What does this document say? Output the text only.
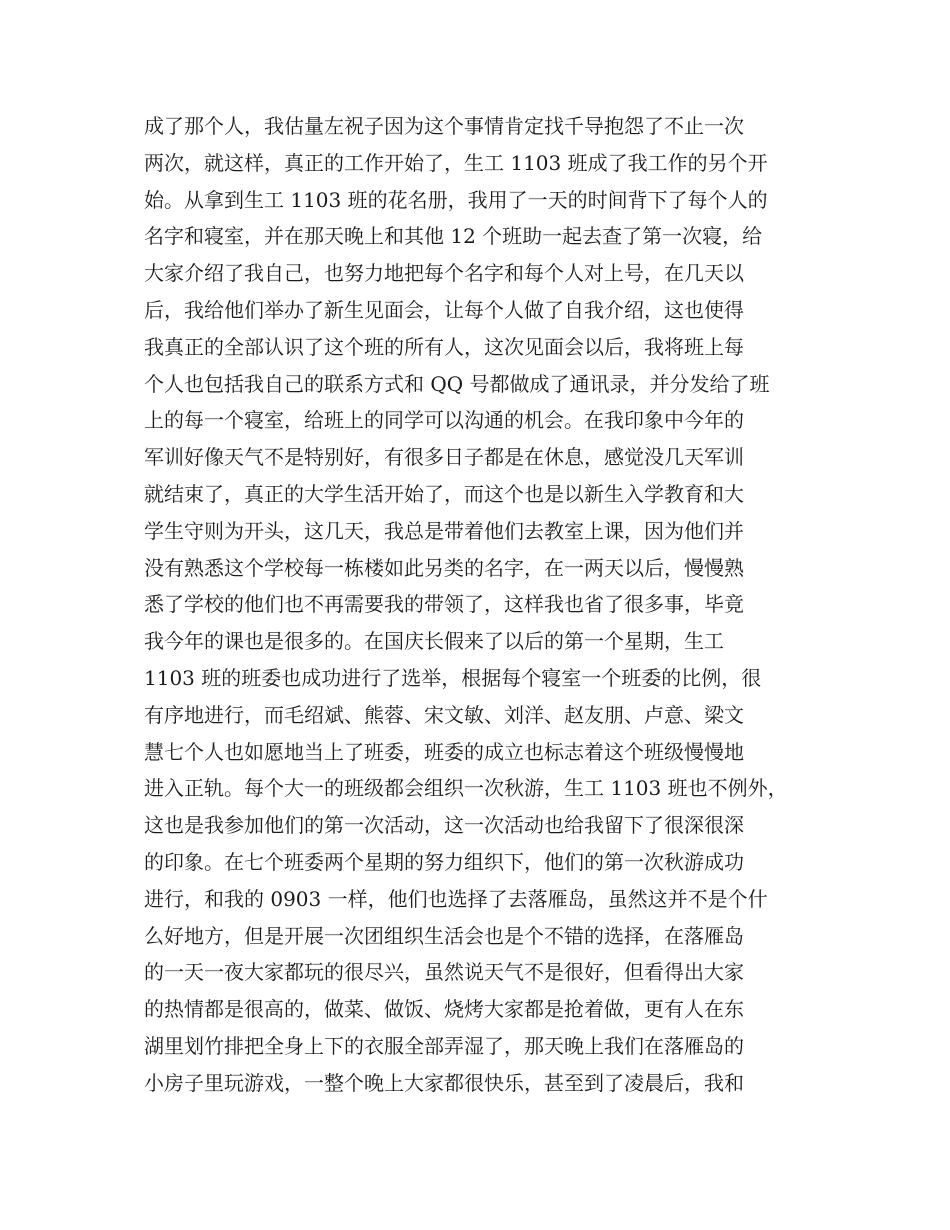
成了那个人，我估量左祝子因为这个事情肯定找千导抱怨了不止一次
两次，就这样，真正的工作开始了，生工 1103 班成了我工作的另个开
始。从拿到生工 1103 班的花名册，我用了一天的时间背下了每个人的
名字和寝室，并在那天晚上和其他 12 个班助一起去查了第一次寝，给
大家介绍了我自己，也努力地把每个名字和每个人对上号，在几天以
后，我给他们举办了新生见面会，让每个人做了自我介绍，这也使得
我真正的全部认识了这个班的所有人，这次见面会以后，我将班上每
个人也包括我自己的联系方式和 QQ 号都做成了通讯录，并分发给了班
上的每一个寝室，给班上的同学可以沟通的机会。在我印象中今年的
军训好像天气不是特别好，有很多日子都是在休息，感觉没几天军训
就结束了，真正的大学生活开始了，而这个也是以新生入学教育和大
学生守则为开头，这几天，我总是带着他们去教室上课，因为他们并
没有熟悉这个学校每一栋楼如此另类的名字，在一两天以后，慢慢熟
悉了学校的他们也不再需要我的带领了，这样我也省了很多事，毕竟
我今年的课也是很多的。在国庆长假来了以后的第一个星期，生工
1103 班的班委也成功进行了选举，根据每个寝室一个班委的比例，很
有序地进行，而毛绍斌、熊蓉、宋文敏、刘洋、赵友朋、卢意、梁文
慧七个人也如愿地当上了班委，班委的成立也标志着这个班级慢慢地
进入正轨。每个大一的班级都会组织一次秋游，生工 1103 班也不例外，
这也是我参加他们的第一次活动，这一次活动也给我留下了很深很深
的印象。在七个班委两个星期的努力组织下，他们的第一次秋游成功
进行，和我的 0903 一样，他们也选择了去落雁岛，虽然这并不是个什
么好地方，但是开展一次团组织生活会也是个不错的选择，在落雁岛
的一天一夜大家都玩的很尽兴，虽然说天气不是很好，但看得出大家
的热情都是很高的，做菜、做饭、烧烤大家都是抢着做，更有人在东
湖里划竹排把全身上下的衣服全部弄湿了，那天晚上我们在落雁岛的
小房子里玩游戏，一整个晚上大家都很快乐，甚至到了凌晨后，我和
